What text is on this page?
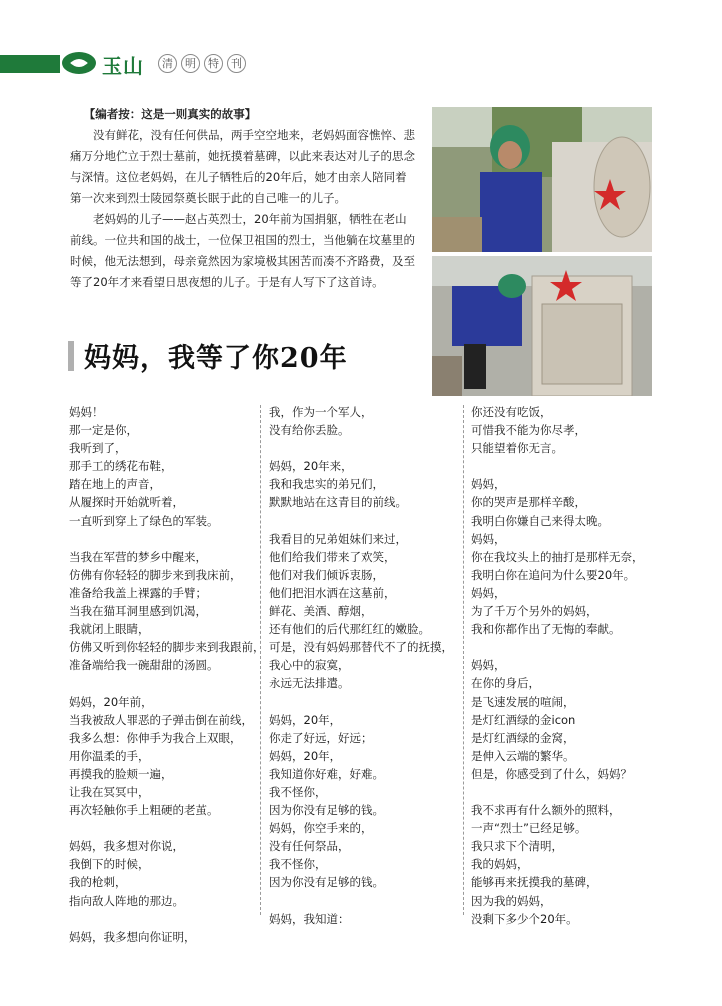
玉山	清	明	特	刊

【编者按：这是一则真实的故事】

没有鲜花，没有任何供品，两手空空地来，老妈妈面容憔悴、悲痛万分地伫立于烈士墓前，她抚摸着墓碑，以此来表达对儿子的思念与深情。这位老妈妈，在儿子牺牲后的20年后，她才由亲人陪同着第一次来到烈士陵园祭奠长眠于此的自己唯一的儿子。

老妈妈的儿子——赵占英烈士，20年前为国捐躯，牺牲在老山前线。一位共和国的战士，一位保卫祖国的烈士，当他躺在坟墓里的时候，他无法想到，母亲竟然因为家境极其困苦而凑不齐路费，及至等了20年才来看望日思夜想的儿子。于是有人写下了这首诗。

妈妈，我等了你20年
妈妈！
那一定是你，
我听到了，
那手工的绣花布鞋，
踏在地上的声音，
从履探时开始就听着，
一直听到穿上了绿色的军装。
当我在军营的梦乡中醒来，
仿佛有你轻轻的脚步来到我床前，
准备给我盖上裸露的手臂；
当我在猫耳洞里感到饥渴，
我就闭上眼睛，
仿佛又听到你轻轻的脚步来到我跟前，
准备端给我一碗甜甜的汤圆。
妈妈，20年前，
当我被敌人罪恶的子弹击倒在前线，
我多么想：你伸手为我合上双眼，
用你温柔的手，
再摸我的脸颊一遍，
让我在冥冥中，
再次轻触你手上粗硬的老茧。
妈妈，我多想对你说，
我倒下的时候，
我的枪刺，
指向敌人阵地的那边。
妈妈，我多想向你证明，
我，作为一个军人，
没有给你丢脸。
妈妈，20年来，
我和我忠实的弟兄们，
默默地站在这青目的前线。
我看目的兄弟姐妹们来过，
他们给我们带来了欢笑，
他们对我们倾诉衷肠，
他们把泪水洒在这墓前，
鲜花、美酒、醇烟，
还有他们的后代那红红的嫩脸。
可是，没有妈妈那替代不了的抚摸，
我心中的寂寞，
永远无法排遣。
妈妈，20年，
你走了好远，好远；
妈妈，20年，
我知道你好难，好难。
我不怪你，
因为你没有足够的钱。
妈妈，你空手来的，
没有任何祭品，
我不怪你，
因为你没有足够的钱。
妈妈，我知道：
你还没有吃饭，
可惜我不能为你尽孝，
只能望着你无言。
妈妈，
你的哭声是那样辛酸，
我明白你嫌自己来得太晚。
妈妈，
你在我坟头上的抽打是那样无奈，
我明白你在追问为什么要20年。
妈妈，
为了千万个另外的妈妈，
我和你都作出了无悔的奉献。
妈妈，
在你的身后，
是飞速发展的喧闹，
是灯红酒绿的金icon
是灯红酒绿的金窝，
是伸入云端的繁华。
但是，你感受到了什么，妈妈？
我不求再有什么额外的照料，
一声“烈士”已经足够。
我只求下个清明，
我的妈妈，
能够再来抚摸我的墓碑，
因为我的妈妈，
没剩下多少个20年。
